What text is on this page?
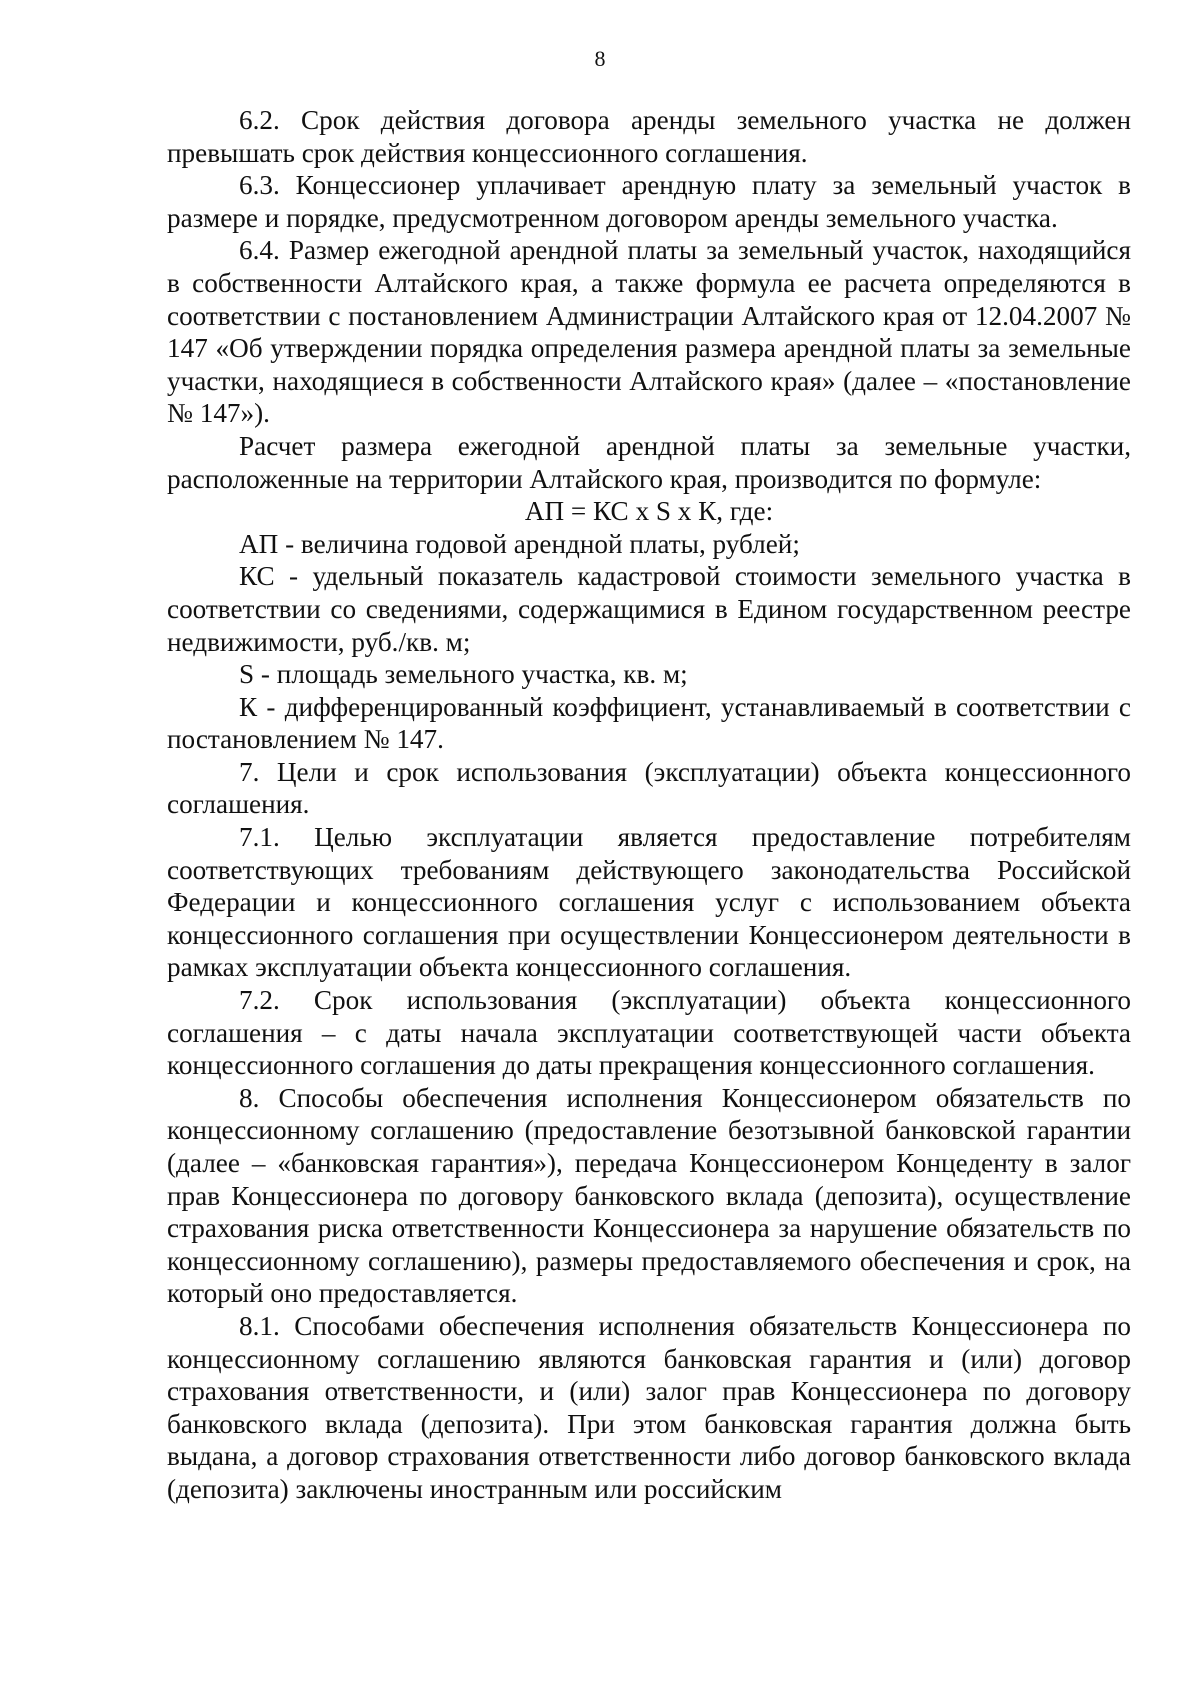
8

6.2. Срок действия договора аренды земельного участка не должен превышать срок действия концессионного соглашения.

6.3. Концессионер уплачивает арендную плату за земельный участок в размере и порядке, предусмотренном договором аренды земельного участка.

6.4. Размер ежегодной арендной платы за земельный участок, находящийся в собственности Алтайского края, а также формула ее расчета определяются в соответствии с постановлением Администрации Алтайского края от 12.04.2007 № 147 «Об утверждении порядка определения размера арендной платы за земельные участки, находящиеся в собственности Алтайского края» (далее – «постановление № 147»).

Расчет размера ежегодной арендной платы за земельные участки, расположенные на территории Алтайского края, производится по формуле:

АП = КС х S х К, где:

АП - величина годовой арендной платы, рублей;

КС - удельный показатель кадастровой стоимости земельного участка в соответствии со сведениями, содержащимися в Едином государственном реестре недвижимости, руб./кв. м;

S - площадь земельного участка, кв. м;

К - дифференцированный коэффициент, устанавливаемый в соответствии с постановлением № 147.

7. Цели и срок использования (эксплуатации) объекта концессионного соглашения.

7.1. Целью эксплуатации является предоставление потребителям соответствующих требованиям действующего законодательства Российской Федерации и концессионного соглашения услуг с использованием объекта концессионного соглашения при осуществлении Концессионером деятельности в рамках эксплуатации объекта концессионного соглашения.

7.2. Срок использования (эксплуатации) объекта концессионного соглашения – с даты начала эксплуатации соответствующей части объекта концессионного соглашения до даты прекращения концессионного соглашения.

8. Способы обеспечения исполнения Концессионером обязательств по концессионному соглашению (предоставление безотзывной банковской гарантии (далее – «банковская гарантия»), передача Концессионером Концеденту в залог прав Концессионера по договору банковского вклада (депозита), осуществление страхования риска ответственности Концессионера за нарушение обязательств по концессионному соглашению), размеры предоставляемого обеспечения и срок, на который оно предоставляется.

8.1. Способами обеспечения исполнения обязательств Концессионера по концессионному соглашению являются банковская гарантия и (или) договор страхования ответственности, и (или) залог прав Концессионера по договору банковского вклада (депозита). При этом банковская гарантия должна быть выдана, а договор страхования ответственности либо договор банковского вклада (депозита) заключены иностранным или российским
